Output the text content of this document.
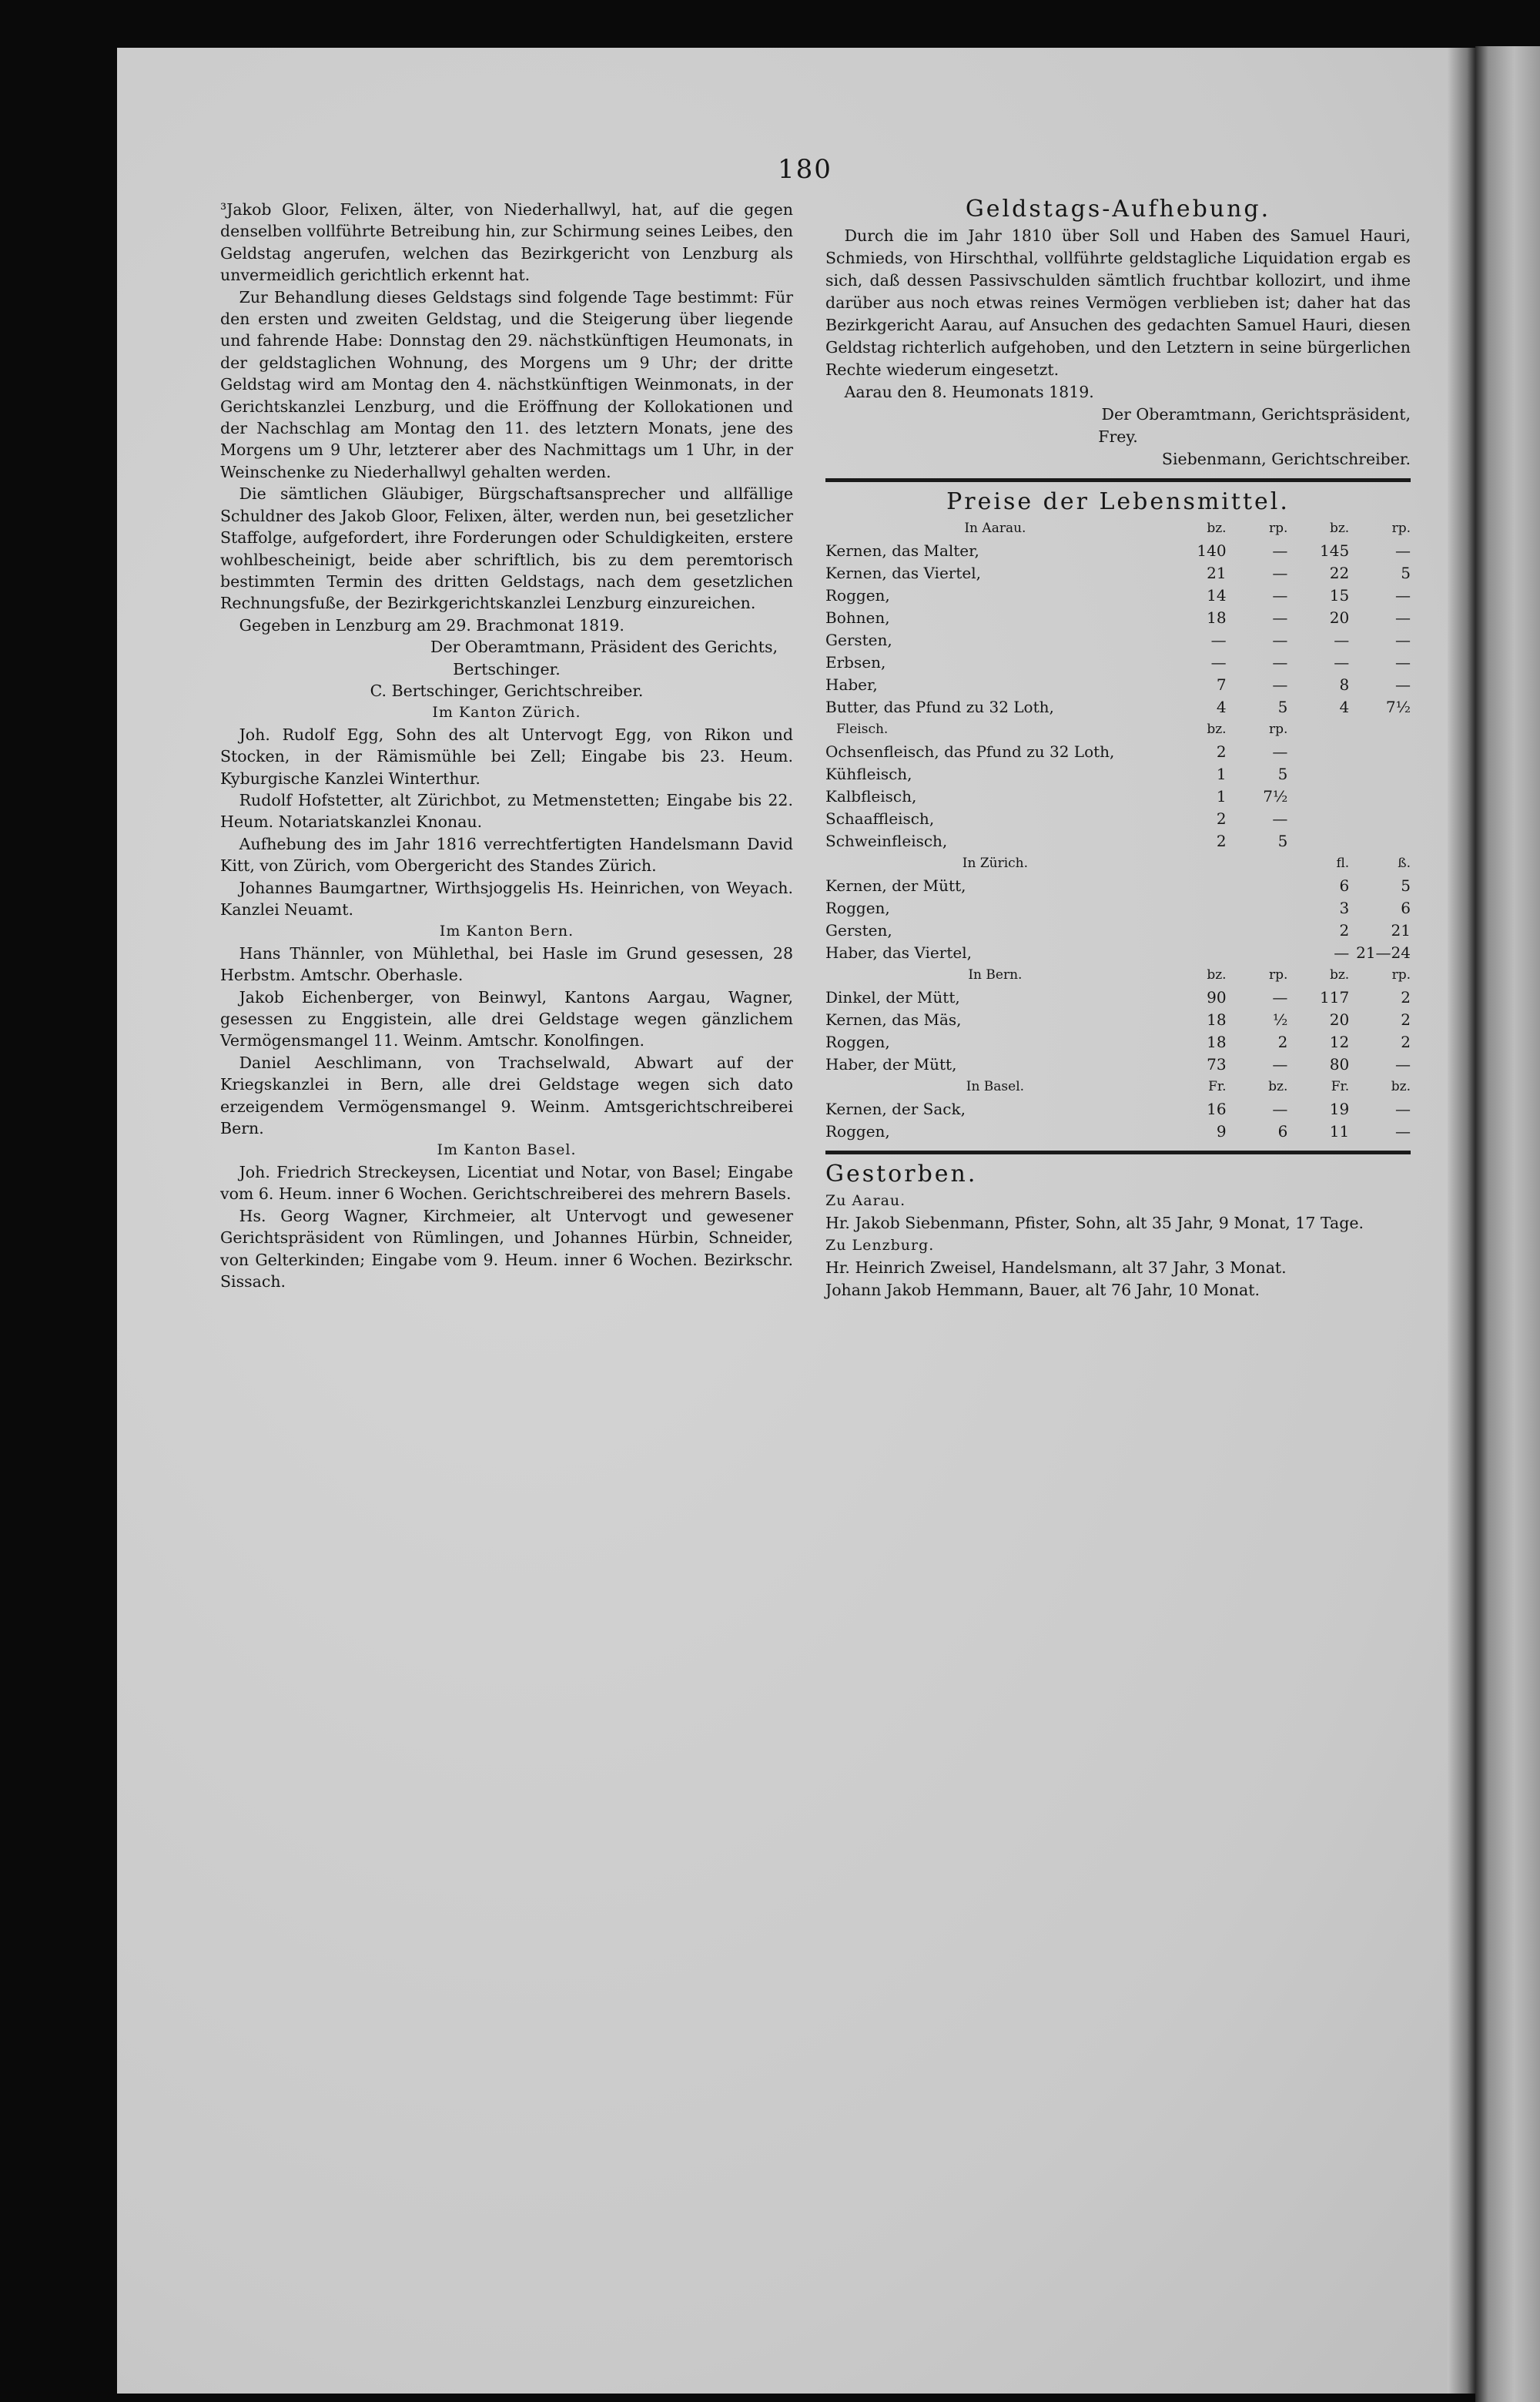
180

³Jakob Gloor, Felixen, älter, von Niederhallwyl, hat, auf die gegen denselben vollführte Betreibung hin, zur Schirmung seines Leibes, den Geldstag angerufen, welchen das Bezirkgericht von Lenzburg als unvermeidlich gerichtlich erkennt hat.

Zur Behandlung dieses Geldstags sind folgende Tage bestimmt: Für den ersten und zweiten Geldstag, und die Steigerung über liegende und fahrende Habe: Donnstag den 29. nächstkünftigen Heumonats, in der geldstaglichen Wohnung, des Morgens um 9 Uhr; der dritte Geldstag wird am Montag den 4. nächstkünftigen Weinmonats, in der Gerichtskanzlei Lenzburg, und die Eröffnung der Kollokationen und der Nachschlag am Montag den 11. des letztern Monats, jene des Morgens um 9 Uhr, letzterer aber des Nachmittags um 1 Uhr, in der Weinschenke zu Niederhallwyl gehalten werden.

Die sämtlichen Gläubiger, Bürgschaftsansprecher und allfällige Schuldner des Jakob Gloor, Felixen, älter, werden nun, bei gesetzlicher Staffolge, aufgefordert, ihre Forderungen oder Schuldigkeiten, erstere wohlbescheinigt, beide aber schriftlich, bis zu dem peremtorisch bestimmten Termin des dritten Geldstags, nach dem gesetzlichen Rechnungsfuße, der Bezirkgerichtskanzlei Lenzburg einzureichen.

Gegeben in Lenzburg am 29. Brachmonat 1819.

Der Oberamtmann, Präsident des Gerichts,

Bertschinger.

C. Bertschinger, Gerichtschreiber.

Im Kanton Zürich.

Joh. Rudolf Egg, Sohn des alt Untervogt Egg, von Rikon und Stocken, in der Rämismühle bei Zell; Eingabe bis 23. Heum. Kyburgische Kanzlei Winterthur.

Rudolf Hofstetter, alt Zürichbot, zu Metmenstetten; Eingabe bis 22. Heum. Notariatskanzlei Knonau.

Aufhebung des im Jahr 1816 verrechtfertigten Handelsmann David Kitt, von Zürich, vom Obergericht des Standes Zürich.

Johannes Baumgartner, Wirthsjoggelis Hs. Heinrichen, von Weyach. Kanzlei Neuamt.

Im Kanton Bern.

Hans Thännler, von Mühlethal, bei Hasle im Grund gesessen, 28 Herbstm. Amtschr. Oberhasle.

Jakob Eichenberger, von Beinwyl, Kantons Aargau, Wagner, gesessen zu Enggistein, alle drei Geldstage wegen gänzlichem Vermögensmangel 11. Weinm. Amtschr. Konolfingen.

Daniel Aeschlimann, von Trachselwald, Abwart auf der Kriegskanzlei in Bern, alle drei Geldstage wegen sich dato erzeigendem Vermögensmangel 9. Weinm. Amtsgerichtschreiberei Bern.

Im Kanton Basel.

Joh. Friedrich Streckeysen, Licentiat und Notar, von Basel; Eingabe vom 6. Heum. inner 6 Wochen. Gerichtschreiberei des mehrern Basels.

Hs. Georg Wagner, Kirchmeier, alt Untervogt und gewesener Gerichtspräsident von Rümlingen, und Johannes Hürbin, Schneider, von Gelterkinden; Eingabe vom 9. Heum. inner 6 Wochen. Bezirkschr. Sissach.

Geldstags-Aufhebung.

Durch die im Jahr 1810 über Soll und Haben des Samuel Hauri, Schmieds, von Hirschthal, vollführte geldstagliche Liquidation ergab es sich, daß dessen Passivschulden sämtlich fruchtbar kollozirt, und ihme darüber aus noch etwas reines Vermögen verblieben ist; daher hat das Bezirkgericht Aarau, auf Ansuchen des gedachten Samuel Hauri, diesen Geldstag richterlich aufgehoben, und den Letztern in seine bürgerlichen Rechte wiederum eingesetzt.

Aarau den 8. Heumonats 1819.

Der Oberamtmann, Gerichtspräsident,

Frey.

Siebenmann, Gerichtschreiber.

Preise der Lebensmittel.

In Aarau.	bz.	rp.	bz.	rp.
Kernen, das Malter,	140	—	145	—
Kernen, das Viertel,	21	—	22	5
Roggen,	14	—	15	—
Bohnen,	18	—	20	—
Gersten,	—	—	—	—
Erbsen,	—	—	—	—
Haber,	7	—	8	—
Butter, das Pfund zu 32 Loth,	4	5	4	7½
Fleisch.	bz.	rp.		
Ochsenfleisch, das Pfund zu 32 Loth,	2	—		
Kühfleisch,	1	5		
Kalbfleisch,	1	7½		
Schaaffleisch,	2	—		
Schweinfleisch,	2	5		
In Zürich.			fl.	ß.
Kernen, der Mütt,			6	5
Roggen,			3	6
Gersten,			2	21
Haber, das Viertel,			—	21—24
In Bern.	bz.	rp.	bz.	rp.
Dinkel, der Mütt,	90	—	117	2
Kernen, das Mäs,	18	½	20	2
Roggen,	18	2	12	2
Haber, der Mütt,	73	—	80	—
In Basel.	Fr.	bz.	Fr.	bz.
Kernen, der Sack,	16	—	19	—
Roggen,	9	6	11	—

Gestorben.

Zu Aarau.

Hr. Jakob Siebenmann, Pfister, Sohn, alt 35 Jahr, 9 Monat, 17 Tage.

Zu Lenzburg.

Hr. Heinrich Zweisel, Handelsmann, alt 37 Jahr, 3 Monat.

Johann Jakob Hemmann, Bauer, alt 76 Jahr, 10 Monat.
